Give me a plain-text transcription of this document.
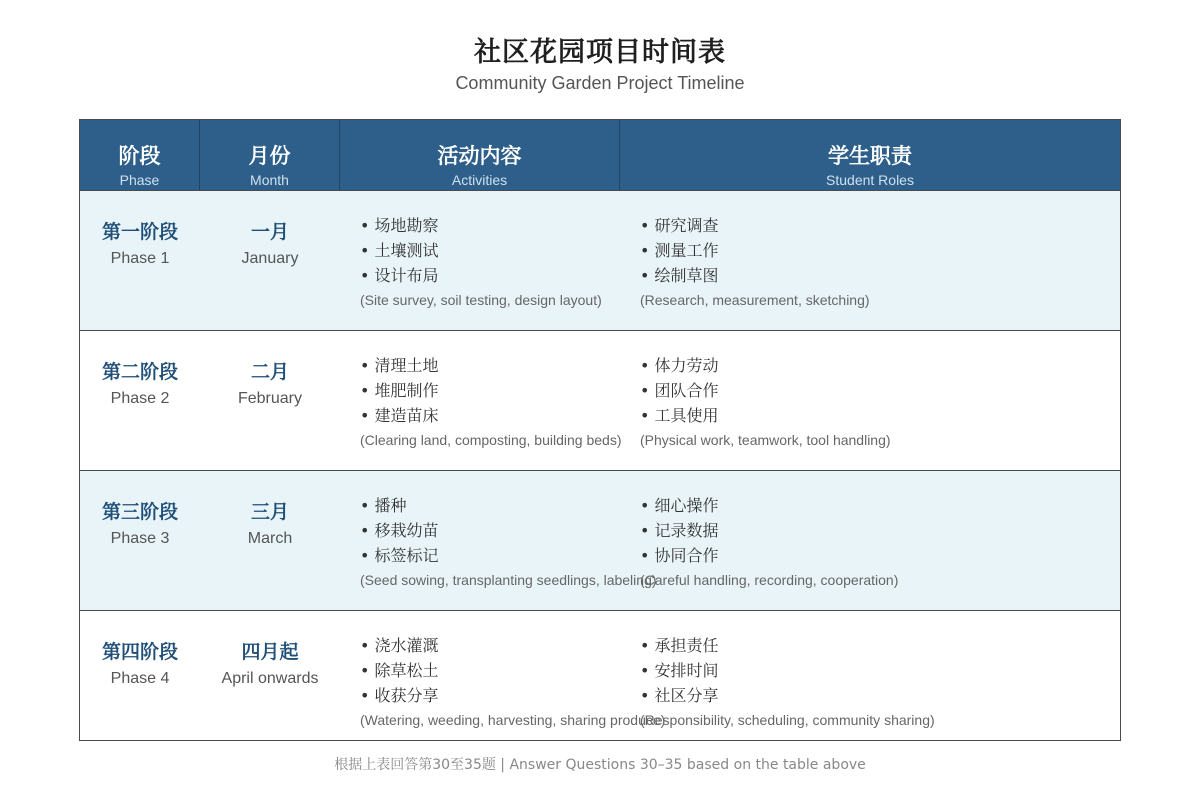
社区花园项目时间表

Community Garden Project Timeline

阶段
Phase
月份
Month
活动内容
Activities
学生职责
Student Roles
第一阶段
Phase 1
一月
January
• 场地勘察
• 土壤测试
• 设计布局
(Site survey, soil testing, design layout)
• 研究调查
• 测量工作
• 绘制草图
(Research, measurement, sketching)
第二阶段
Phase 2
二月
February
• 清理土地
• 堆肥制作
• 建造苗床
(Clearing land, composting, building beds)
• 体力劳动
• 团队合作
• 工具使用
(Physical work, teamwork, tool handling)
第三阶段
Phase 3
三月
March
• 播种
• 移栽幼苗
• 标签标记
(Seed sowing, transplanting seedlings, labeling)
• 细心操作
• 记录数据
• 协同合作
(Careful handling, recording, cooperation)
第四阶段
Phase 4
四月起
April onwards
• 浇水灌溉
• 除草松土
• 收获分享
(Watering, weeding, harvesting, sharing produce)
• 承担责任
• 安排时间
• 社区分享
(Responsibility, scheduling, community sharing)

根据上表回答第30至35题 | Answer Questions 30–35 based on the table above
